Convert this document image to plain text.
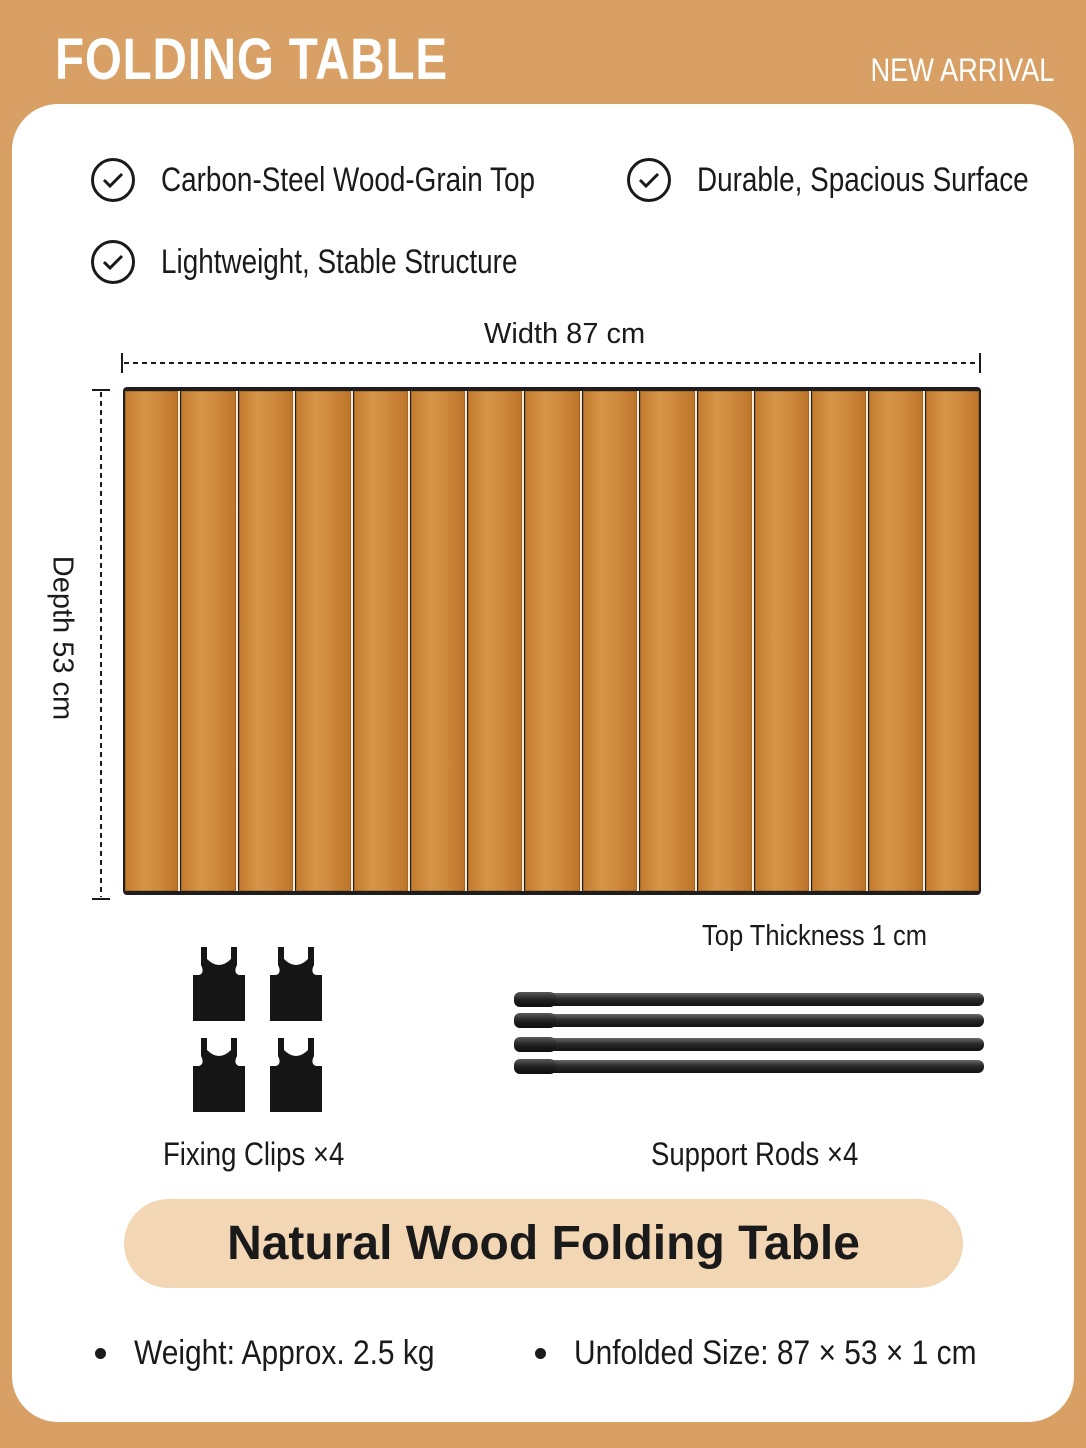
FOLDING TABLE	NEW ARRIVAL
Carbon-Steel Wood-Grain Top	Durable, Spacious Surface
Lightweight, Stable Structure
Width 87 cm
Depth 53 cm
Top Thickness 1 cm
Fixing Clips ×4	Support Rods ×4
Natural Wood Folding Table
Weight: Approx. 2.5 kg	Unfolded Size: 87 × 53 × 1 cm
